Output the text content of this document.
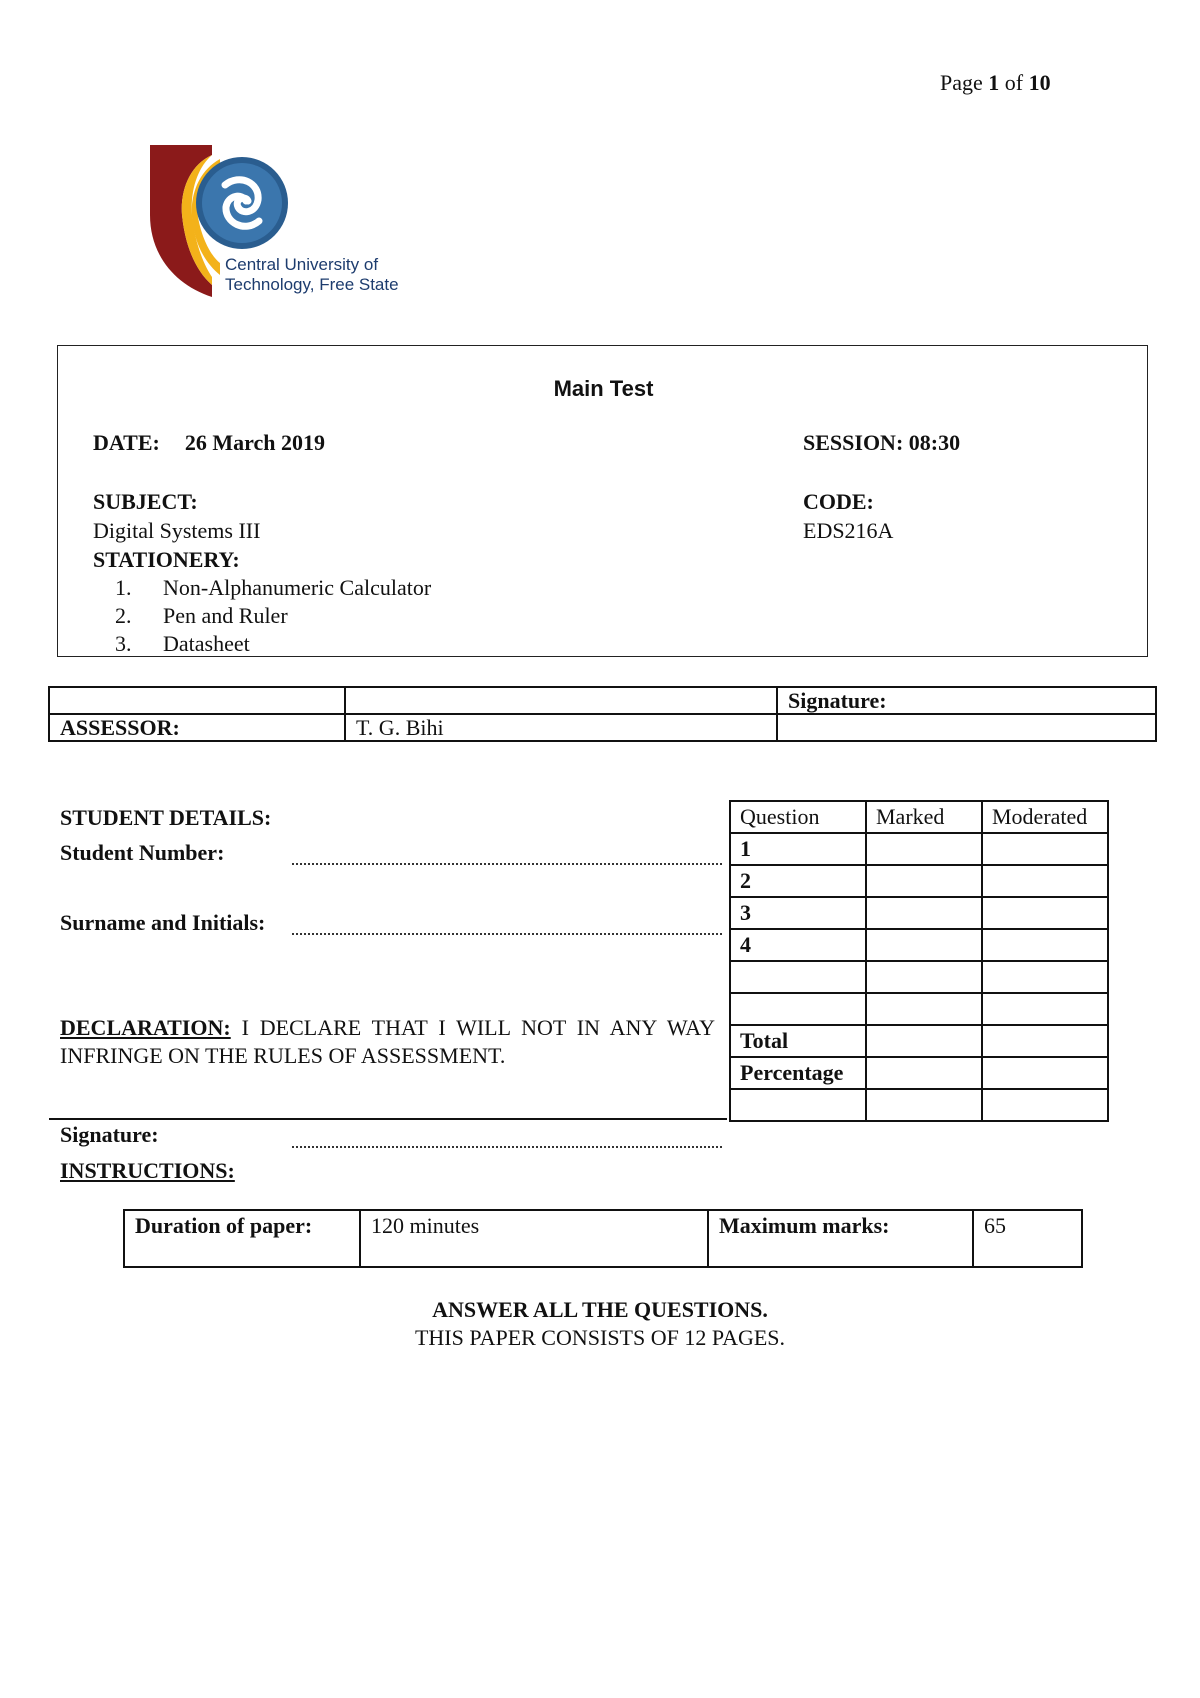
Page 1 of 10
Central University of
Technology, Free State
Main Test
DATE: 26 March 2019	SESSION: 08:30
SUBJECT:
Digital Systems III
CODE:
EDS216A
STATIONERY:
1. Non-Alphanumeric Calculator
2. Pen and Ruler
3. Datasheet
		Signature:
ASSESSOR:	T. G. Bihi	
STUDENT DETAILS:
Student Number:
Surname and Initials:
DECLARATION: I DECLARE THAT I WILL NOT IN ANY WAY INFRINGE ON THE RULES OF ASSESSMENT.
Signature:
INSTRUCTIONS:
Question	Marked	Moderated
1		
2		
3		
4		

Total		
Percentage		

Duration of paper:	120 minutes	Maximum marks:	65
ANSWER ALL THE QUESTIONS.
THIS PAPER CONSISTS OF 12 PAGES.
